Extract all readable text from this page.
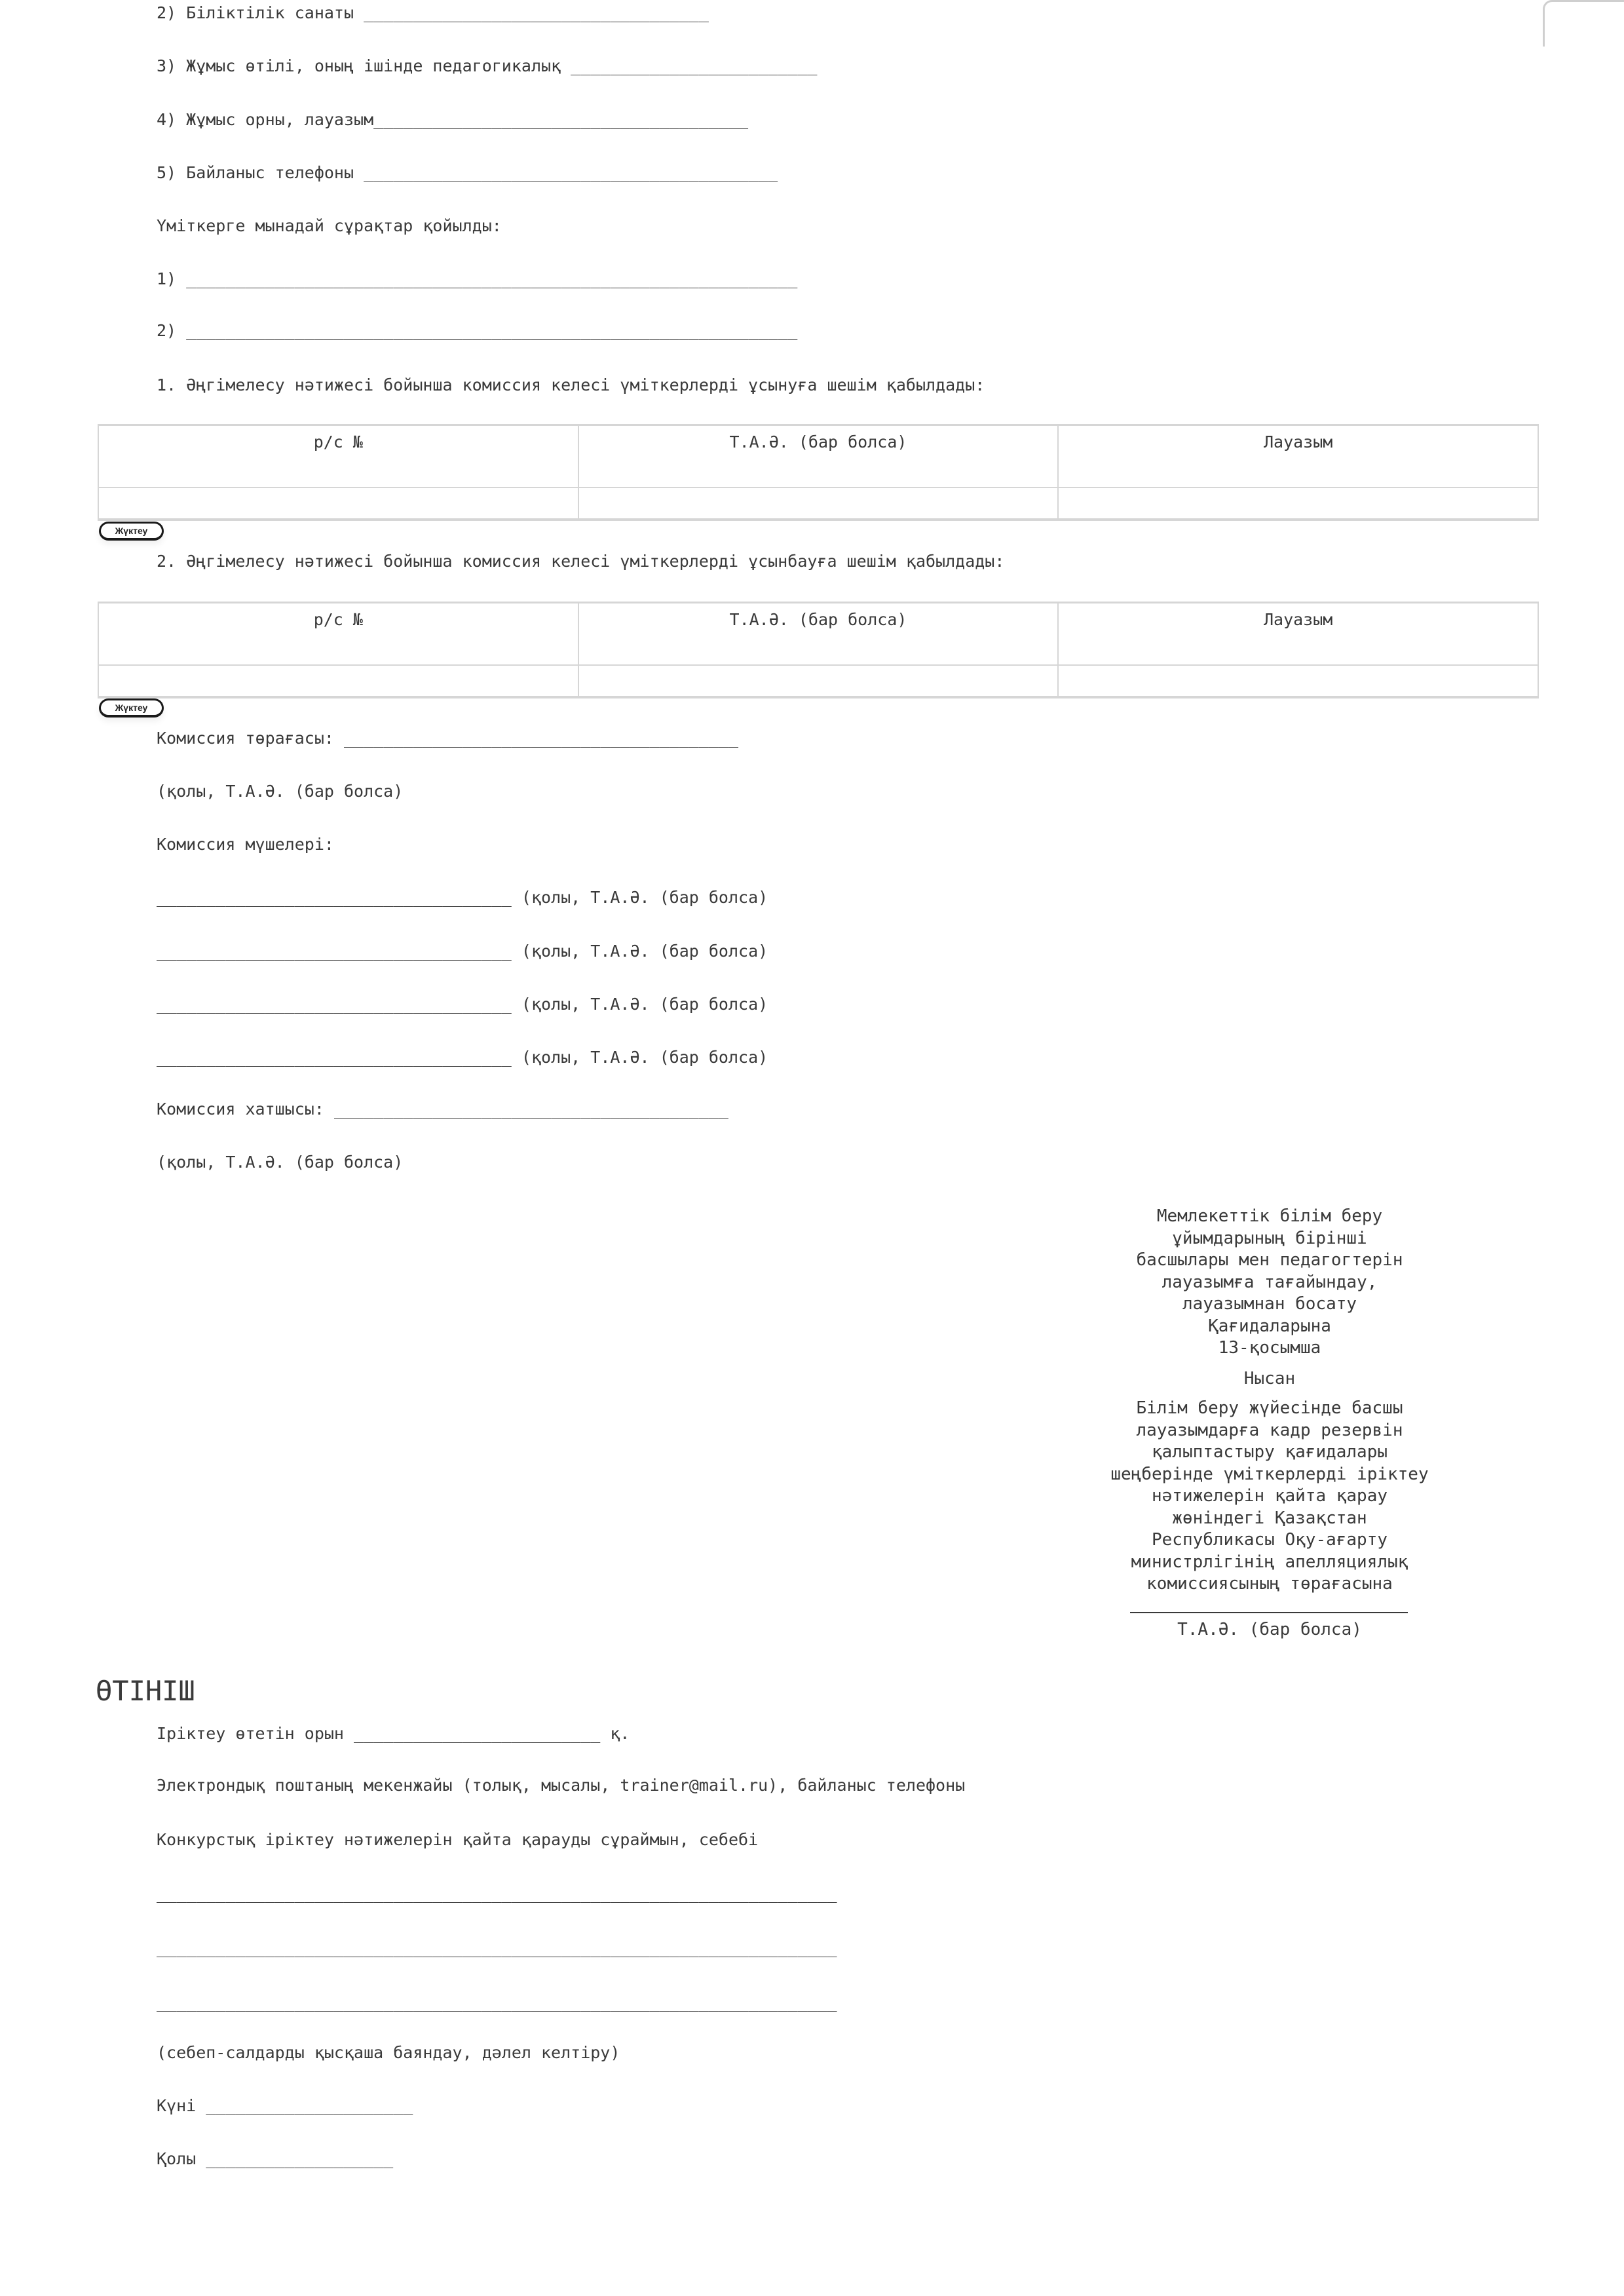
2) Біліктілік санаты ___________________________________
3) Жұмыс өтілі, оның ішінде педагогикалық _________________________
4) Жұмыс орны, лауазым______________________________________
5) Байланыс телефоны __________________________________________
Үміткерге мынадай сұрақтар қойылды:
1) ______________________________________________________________
2) ______________________________________________________________
1. Әңгімелесу нәтижесі бойынша комиссия келесі үміткерлерді ұсынуға шешім қабылдады:
р/с №	Т.А.Ә. (бар болса)	Лауазым

Жүктеу
2. Әңгімелесу нәтижесі бойынша комиссия келесі үміткерлерді ұсынбауға шешім қабылдады:
р/с №	Т.А.Ә. (бар болса)	Лауазым

Жүктеу
Комиссия төрағасы: ________________________________________
(қолы, Т.А.Ә. (бар болса)
Комиссия мүшелері:
____________________________________ (қолы, Т.А.Ә. (бар болса)
____________________________________ (қолы, Т.А.Ә. (бар болса)
____________________________________ (қолы, Т.А.Ә. (бар болса)
____________________________________ (қолы, Т.А.Ә. (бар болса)
Комиссия хатшысы: ________________________________________
(қолы, Т.А.Ә. (бар болса)
Мемлекеттік білім беру
ұйымдарының бірінші
басшылары мен педагогтерін
лауазымға тағайындау,
лауазымнан босату
Қағидаларына
13-қосымша
Нысан
Білім беру жүйесінде басшы
лауазымдарға кадр резервін
қалыптастыру қағидалары
шеңберінде үміткерлерді іріктеу
нәтижелерін қайта қарау
жөніндегі Қазақстан
Республикасы Оқу-ағарту
министрлігінің апелляциялық
комиссиясының төрағасына
Т.А.Ә. (бар болса)
ӨТІНІШ
Іріктеу өтетін орын _________________________ қ.
Электрондық поштаның мекенжайы (толық, мысалы, trainer@mail.ru), байланыс телефоны
Конкурстық іріктеу нәтижелерін қайта қарауды сұраймын, себебі
_____________________________________________________________________
_____________________________________________________________________
_____________________________________________________________________
(себеп-салдарды қысқаша баяндау, дәлел келтіру)
Күні _____________________
Қолы ___________________
